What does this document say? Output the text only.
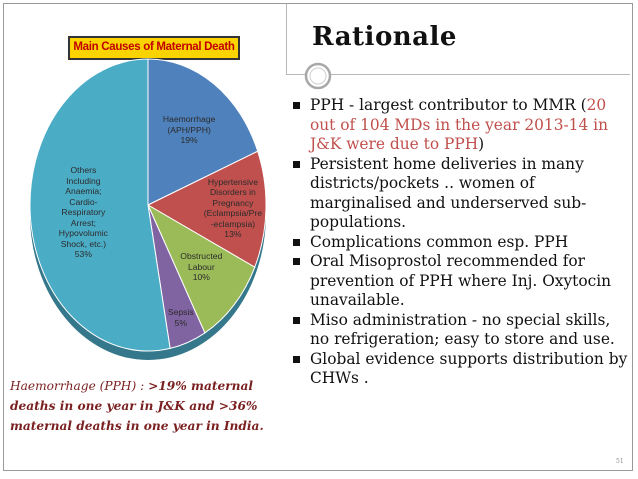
Rationale
PPH - largest contributor to MMR (20 out of 104 MDs in the year 2013-14 in J&K were due to PPH)
Persistent home deliveries in many districts/pockets .. women of marginalised and underserved sub-populations.
Complications common esp. PPH
Oral Misoprostol recommended for prevention of PPH where Inj. Oxytocin unavailable.
Miso administration - no special skills, no refrigeration; easy to store and use.
Global evidence supports distribution by CHWs .
Main Causes of Maternal Death
Haemorrhage
(APH/PPH)
19%
Hypertensive
Disorders in
Pregnancy
(Eclampsia/Pre
-eclampsia)
13%
Obstructed
Labour
10%
Sepsis
5%
Others
Including
Anaemia;
Cardio-
Respiratory
Arrest;
Hypovolumic
Shock, etc.)
53%
Haemorrhage (PPH) : >19% maternal
deaths in one year in J&K and >36%
maternal deaths in one year in India.
51
